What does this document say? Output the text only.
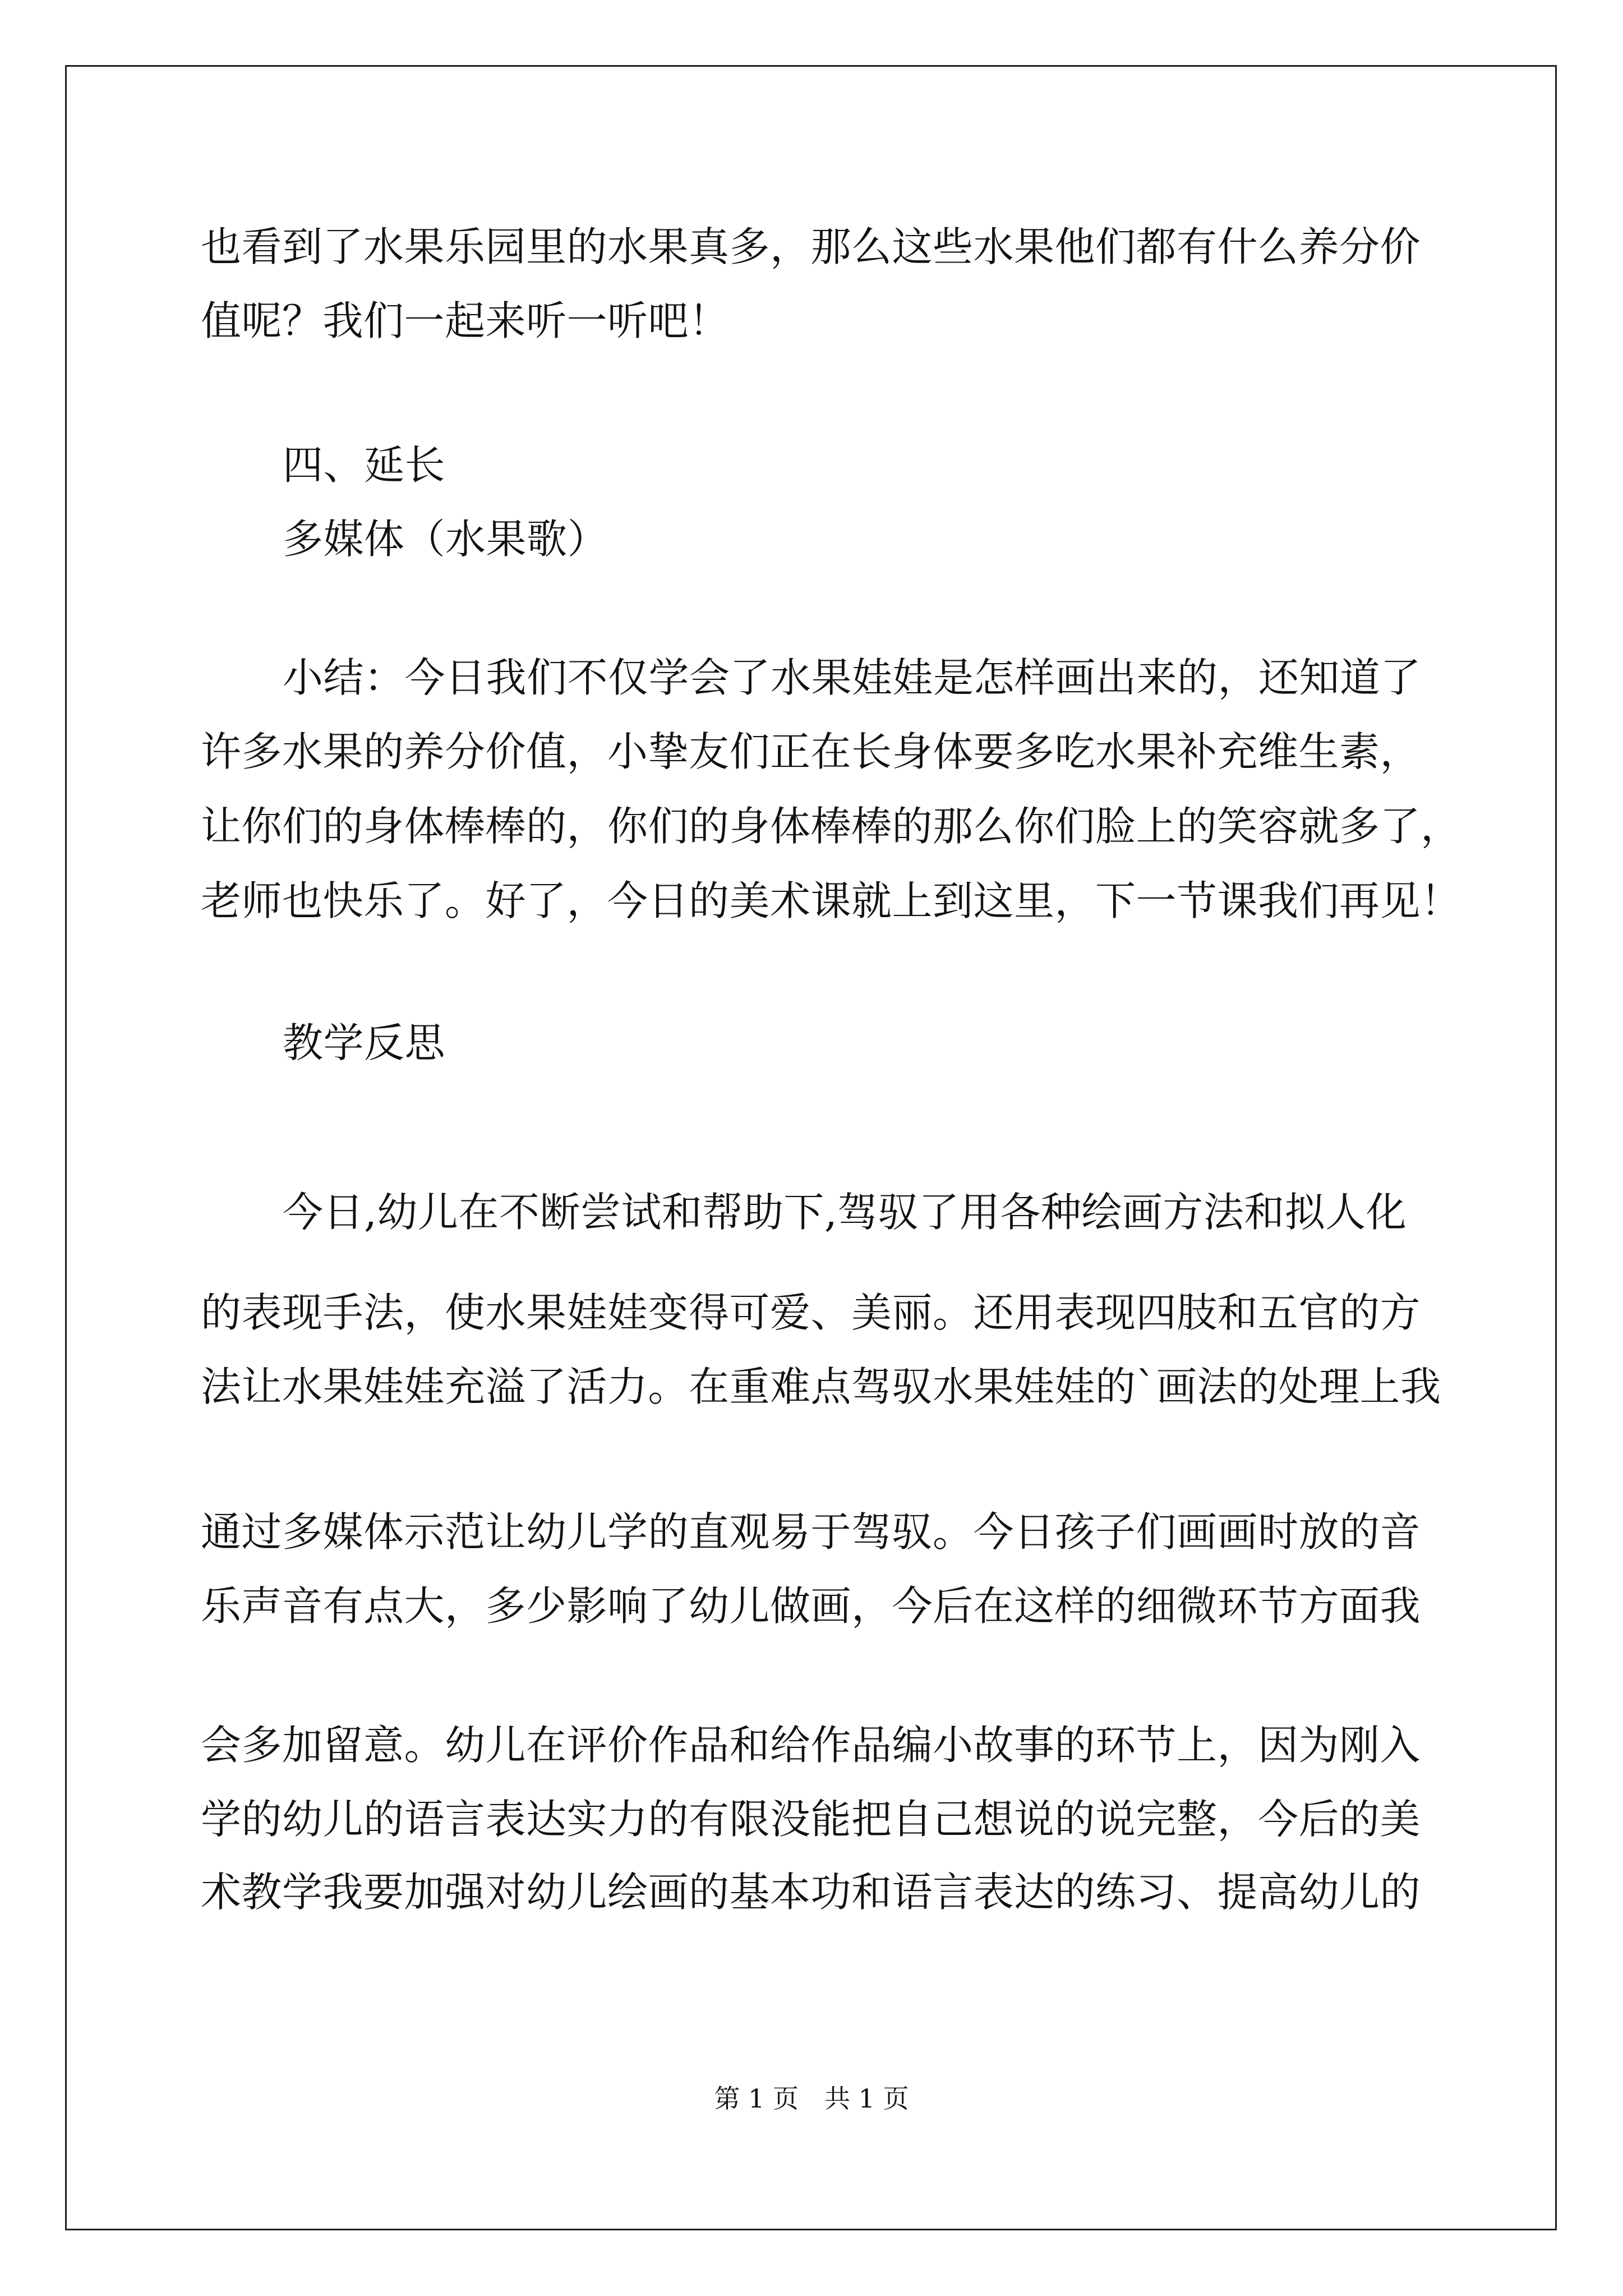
也看到了水果乐园里的水果真多，那么这些水果他们都有什么养分价
值呢？我们一起来听一听吧！
四、延长
多媒体（水果歌）
小结：今日我们不仅学会了水果娃娃是怎样画出来的，还知道了
许多水果的养分价值，小挚友们正在长身体要多吃水果补充维生素，
让你们的身体棒棒的，你们的身体棒棒的那么你们脸上的笑容就多了，
老师也快乐了。好了，今日的美术课就上到这里，下一节课我们再见！
教学反思
今日,幼儿在不断尝试和帮助下,驾驭了用各种绘画方法和拟人化
的表现手法，使水果娃娃变得可爱、美丽。还用表现四肢和五官的方
法让水果娃娃充溢了活力。在重难点驾驭水果娃娃的`画法的处理上我
通过多媒体示范让幼儿学的直观易于驾驭。今日孩子们画画时放的音
乐声音有点大，多少影响了幼儿做画，今后在这样的细微环节方面我
会多加留意。幼儿在评价作品和给作品编小故事的环节上，因为刚入
学的幼儿的语言表达实力的有限没能把自己想说的说完整，今后的美
术教学我要加强对幼儿绘画的基本功和语言表达的练习、提高幼儿的
第 1 页　共 1 页
